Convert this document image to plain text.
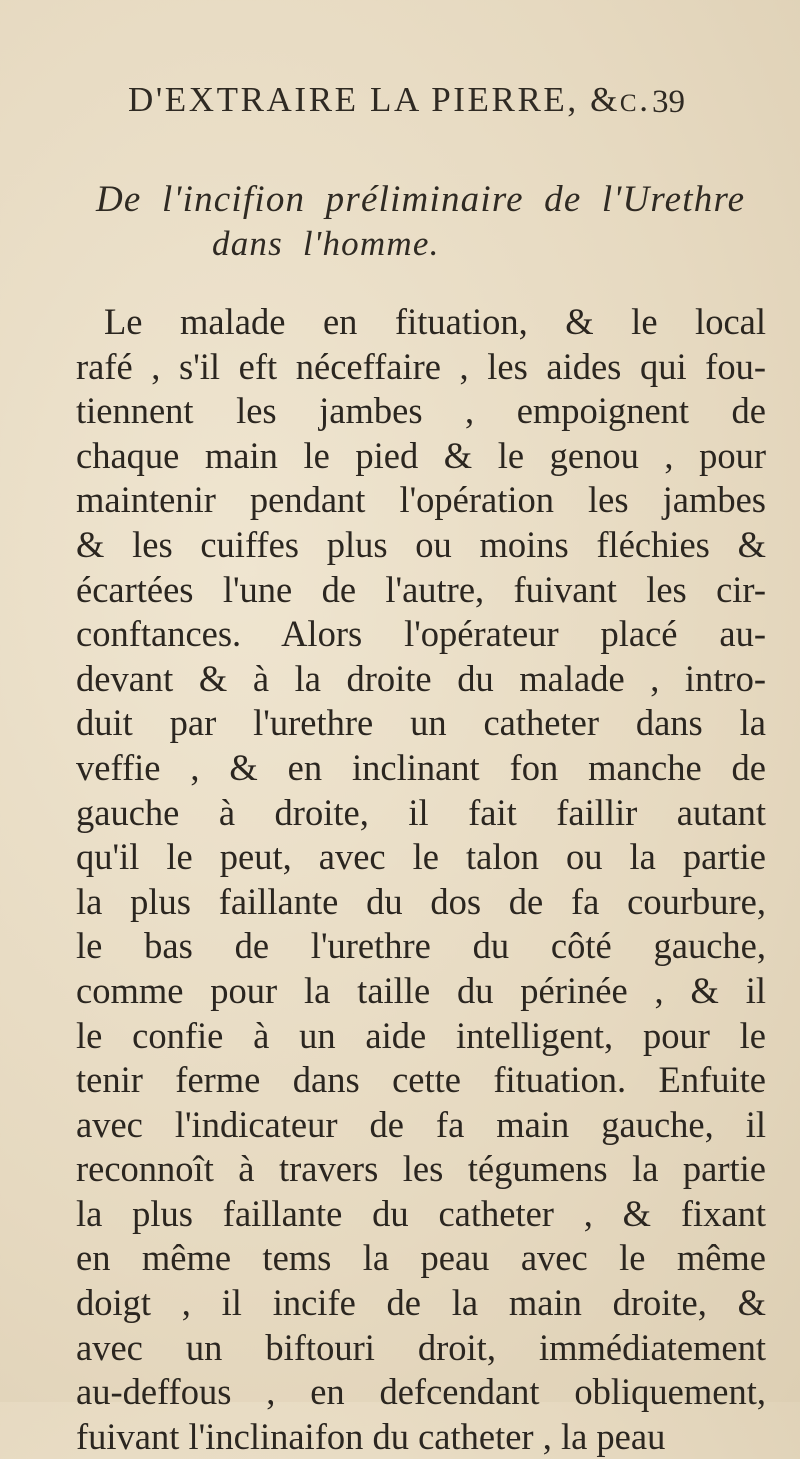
D'EXTRAIRE LA PIERRE, &c. 39
De l'incifion préliminaire de l'Urethre
dans l'homme.
Le malade en fituation, & le local
rafé , s'il eft néceffaire , les aides qui fou-
tiennent les jambes , empoignent de
chaque main le pied & le genou , pour
maintenir pendant l'opération les jambes
& les cuiffes plus ou moins fléchies &
écartées l'une de l'autre, fuivant les cir-
conftances. Alors l'opérateur placé au-
devant & à la droite du malade , intro-
duit par l'urethre un catheter dans la
veffie , & en inclinant fon manche de
gauche à droite, il fait faillir autant
qu'il le peut, avec le talon ou la partie
la plus faillante du dos de fa courbure,
le bas de l'urethre du côté gauche,
comme pour la taille du périnée , & il
le confie à un aide intelligent, pour le
tenir ferme dans cette fituation. Enfuite
avec l'indicateur de fa main gauche, il
reconnoît à travers les tégumens la partie
la plus faillante du catheter , & fixant
en même tems la peau avec le même
doigt , il incife de la main droite, &
avec un biftouri droit, immédiatement
au-deffous , en defcendant obliquement,
fuivant l'inclinaifon du catheter , la peau
